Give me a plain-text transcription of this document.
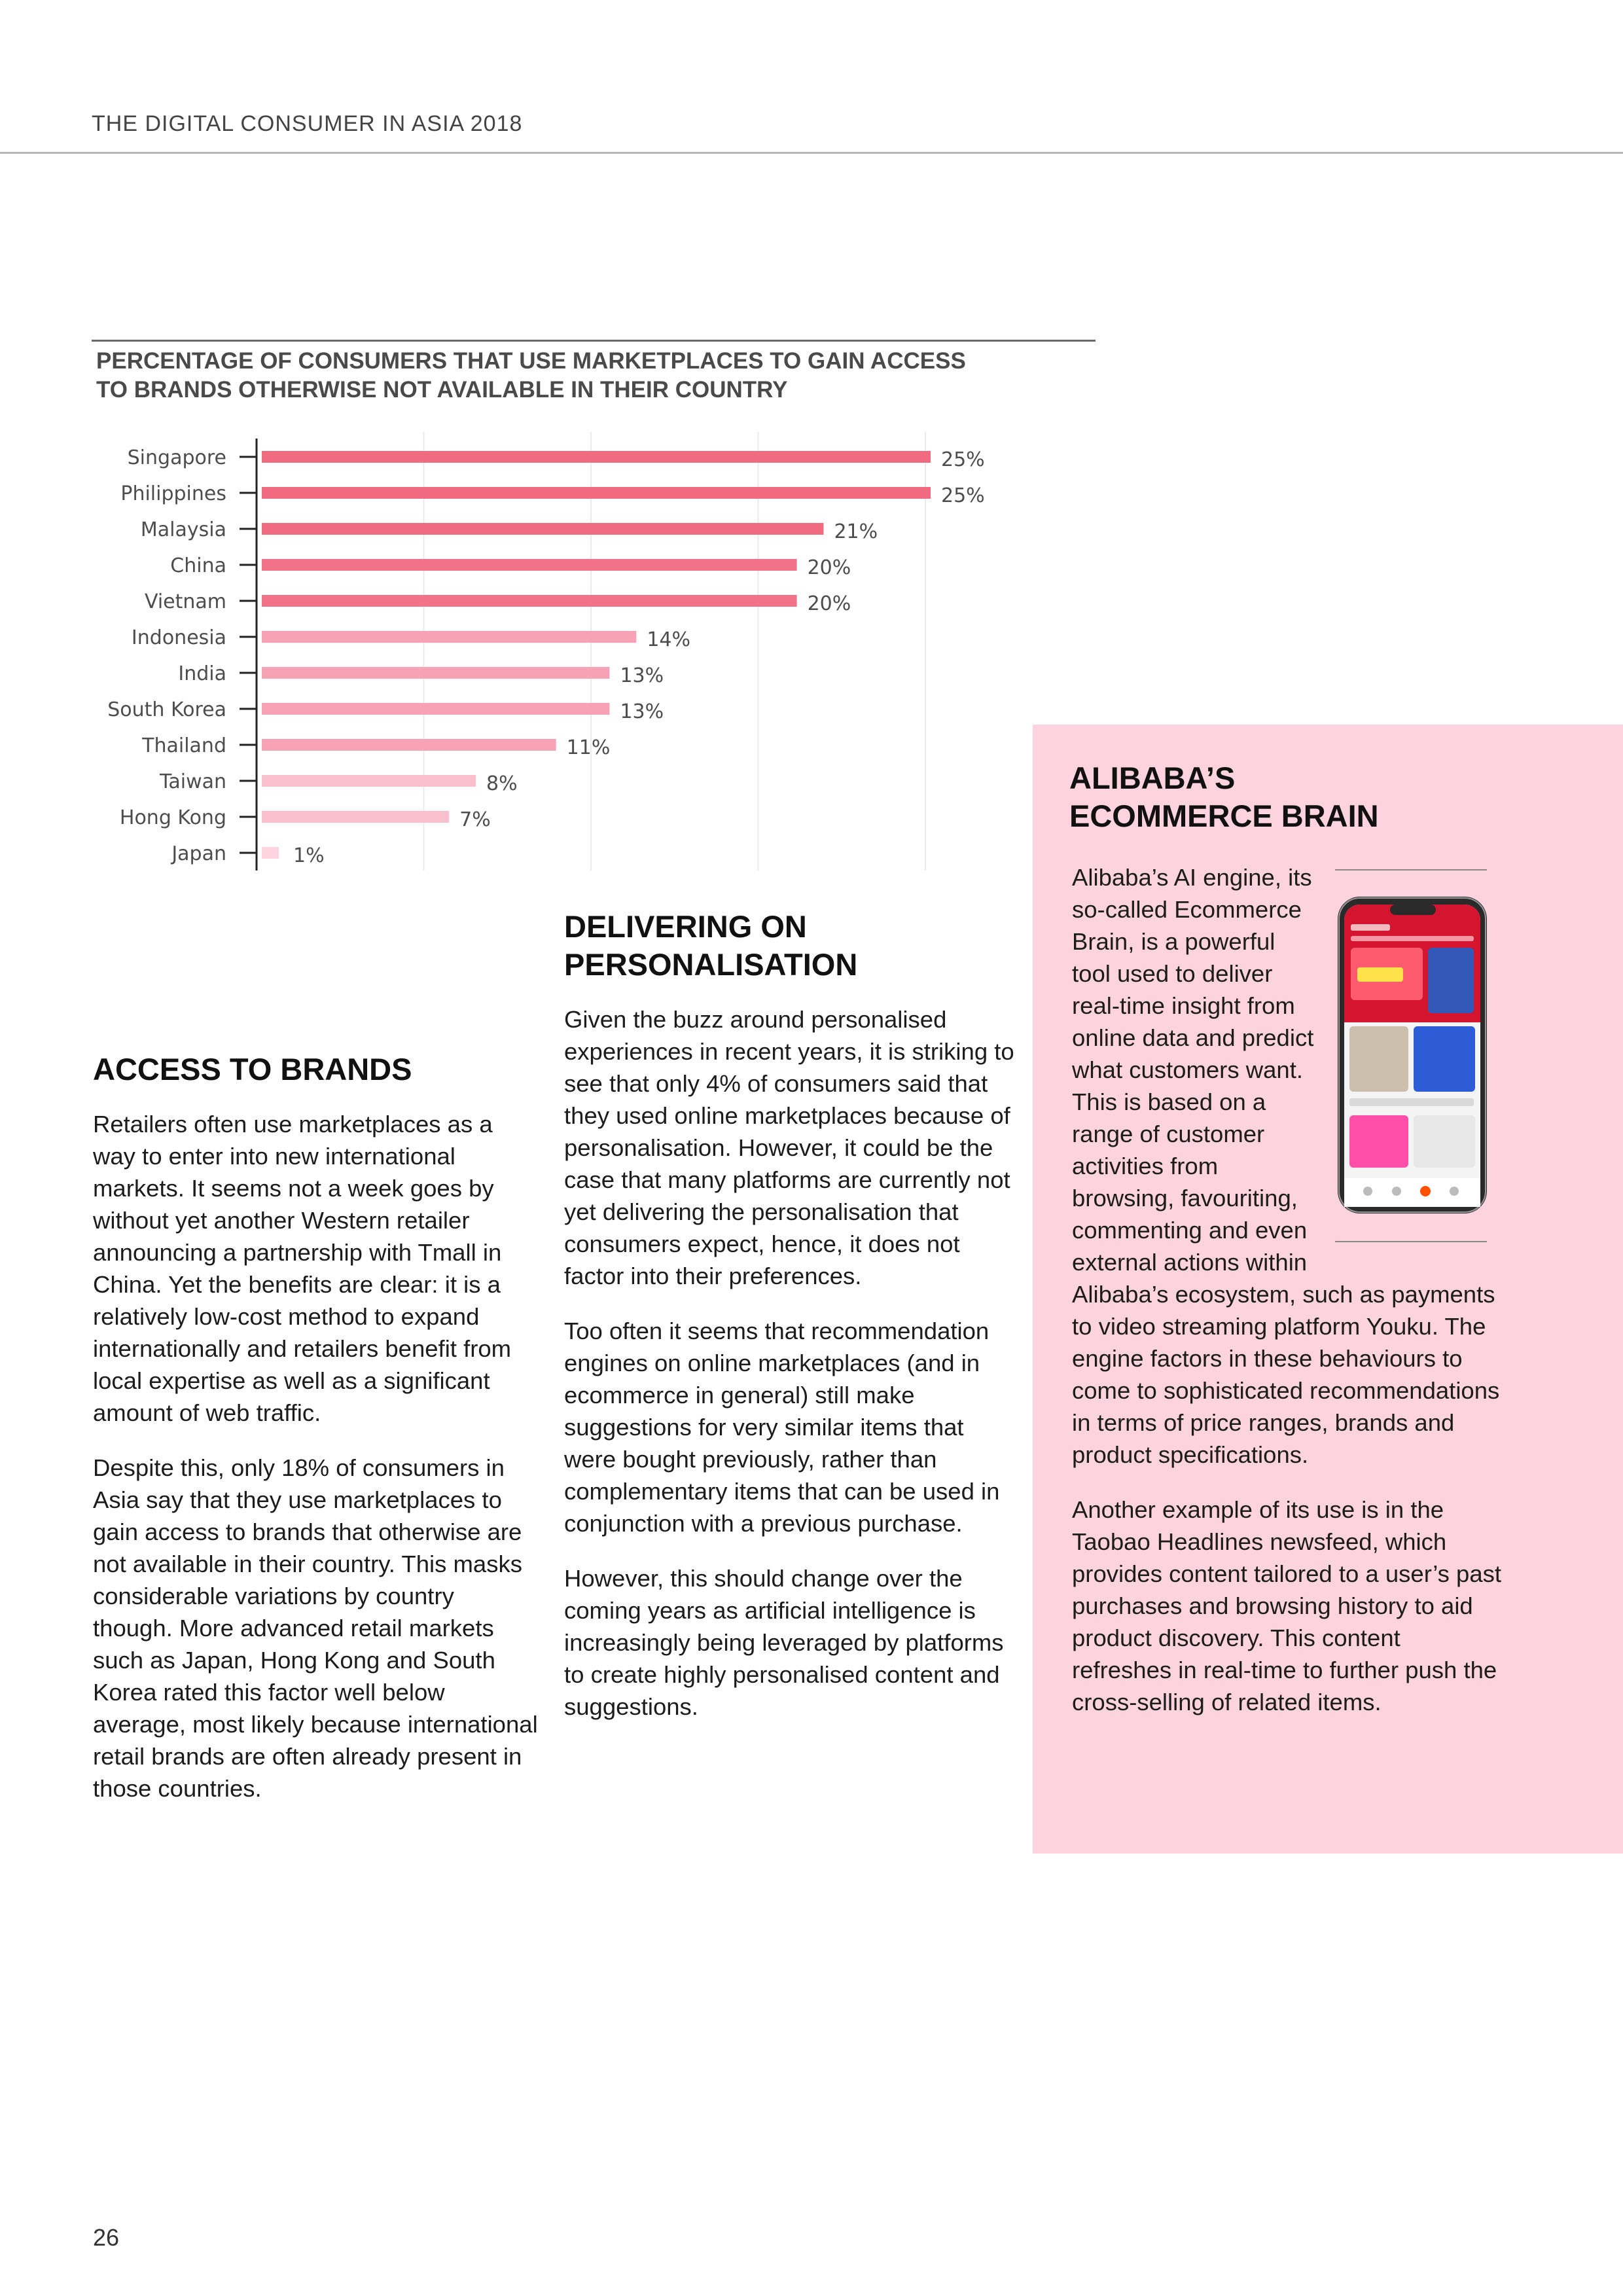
THE DIGITAL CONSUMER IN ASIA 2018
PERCENTAGE OF CONSUMERS THAT USE MARKETPLACES TO GAIN ACCESS
TO BRANDS OTHERWISE NOT AVAILABLE IN THEIR COUNTRY
Singapore	25%
Philippines	25%
Malaysia	21%
China	20%
Vietnam	20%
Indonesia	14%
India	13%
South Korea	13%
Thailand	11%
Taiwan	8%
Hong Kong	7%
Japan	1%
ACCESS TO BRANDS

Retailers often use marketplaces as a way to enter into new international markets. It seems not a week goes by without yet another Western retailer announcing a partnership with Tmall in China. Yet the benefits are clear: it is a relatively low-cost method to expand internationally and retailers benefit from local expertise as well as a significant amount of web traffic.

Despite this, only 18% of consumers in Asia say that they use marketplaces to gain access to brands that otherwise are not available in their country. This masks considerable variations by country though. More advanced retail markets such as Japan, Hong Kong and South Korea rated this factor well below average, most likely because international retail brands are often already present in those countries.

DELIVERING ON
PERSONALISATION

Given the buzz around personalised experiences in recent years, it is striking to see that only 4% of consumers said that they used online marketplaces because of personalisation. However, it could be the case that many platforms are currently not yet delivering the personalisation that consumers expect, hence, it does not factor into their preferences.

Too often it seems that recommendation engines on online marketplaces (and in ecommerce in general) still make suggestions for very similar items that were bought previously, rather than complementary items that can be used in conjunction with a previous purchase.

However, this should change over the coming years as artificial intelligence is increasingly being leveraged by platforms to create highly personalised content and suggestions.

ALIBABA’S
ECOMMERCE BRAIN

Alibaba’s AI engine, its so-called Ecommerce Brain, is a powerful tool used to deliver real-time insight from online data and predict what customers want. This is based on a range of customer activities from browsing, favouriting, commenting and even external actions within Alibaba’s ecosystem, such as payments to video streaming platform Youku. The engine factors in these behaviours to come to sophisticated recommendations in terms of price ranges, brands and product specifications.

Another example of its use is in the Taobao Headlines newsfeed, which provides content tailored to a user’s past purchases and browsing history to aid product discovery. This content refreshes in real-time to further push the cross-selling of related items.

26
